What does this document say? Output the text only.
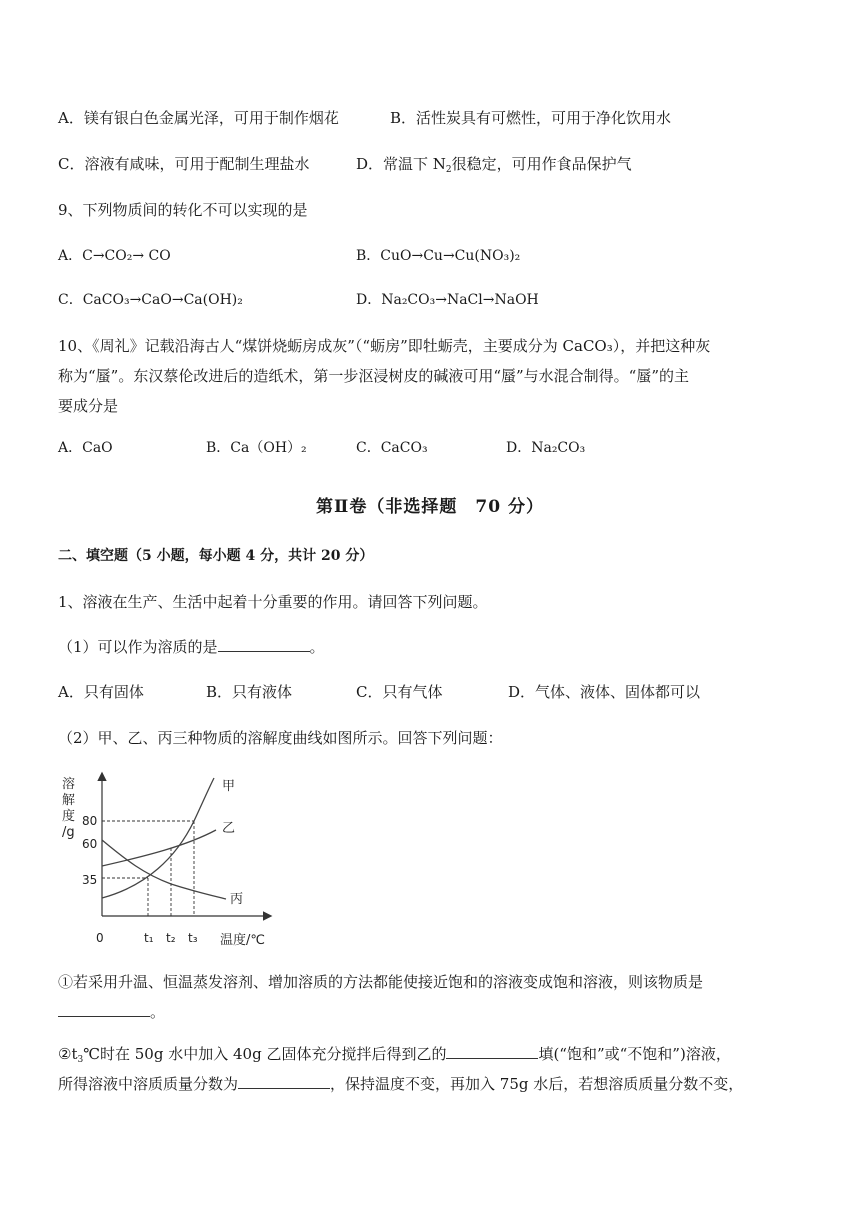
A．镁有银白色金属光泽，可用于制作烟花	B．活性炭具有可燃性，可用于净化饮用水
C．溶液有咸味，可用于配制生理盐水	D．常温下 $N_2$很稳定，可用作食品保护气
9、下列物质间的转化不可以实现的是
A．C→CO₂→ CO	B．CuO→Cu→Cu(NO₃)₂
C．CaCO₃→CaO→Ca(OH)₂	D．Na₂CO₃→NaCl→NaOH
10、《周礼》记载沿海古人“煤饼烧蛎房成灰”（“蛎房”即牡蛎壳，主要成分为 CaCO₃），并把这种灰
称为“蜃”。东汉蔡伦改进后的造纸术，第一步沤浸树皮的碱液可用“蜃”与水混合制得。“蜃”的主
要成分是
A．CaO	B．Ca（OH）₂	C．CaCO₃	D．Na₂CO₃
第Ⅱ卷（非选择题　70 分）
二、填空题（5 小题，每小题 4 分，共计 20 分）
1、溶液在生产、生活中起着十分重要的作用。请回答下列问题。
（1）可以作为溶质的是	。
A．只有固体	B．只有液体	C．只有气体	D．气体、液体、固体都可以
（2）甲、乙、丙三种物质的溶解度曲线如图所示。回答下列问题：
溶解度/g
80
60
35
0	t₁ t₂ t₃ 温度/℃
甲
乙
丙
①若采用升温、恒温蒸发溶剂、增加溶质的方法都能使接近饱和的溶液变成饱和溶液，则该物质是
。
$②t_3℃$时在 50g 水中加入 40g 乙固体充分搅拌后得到乙的	填(“饱和”或“不饱和”)溶液，
所得溶液中溶质质量分数为	，保持温度不变，再加入 75g 水后，若想溶质质量分数不变，
